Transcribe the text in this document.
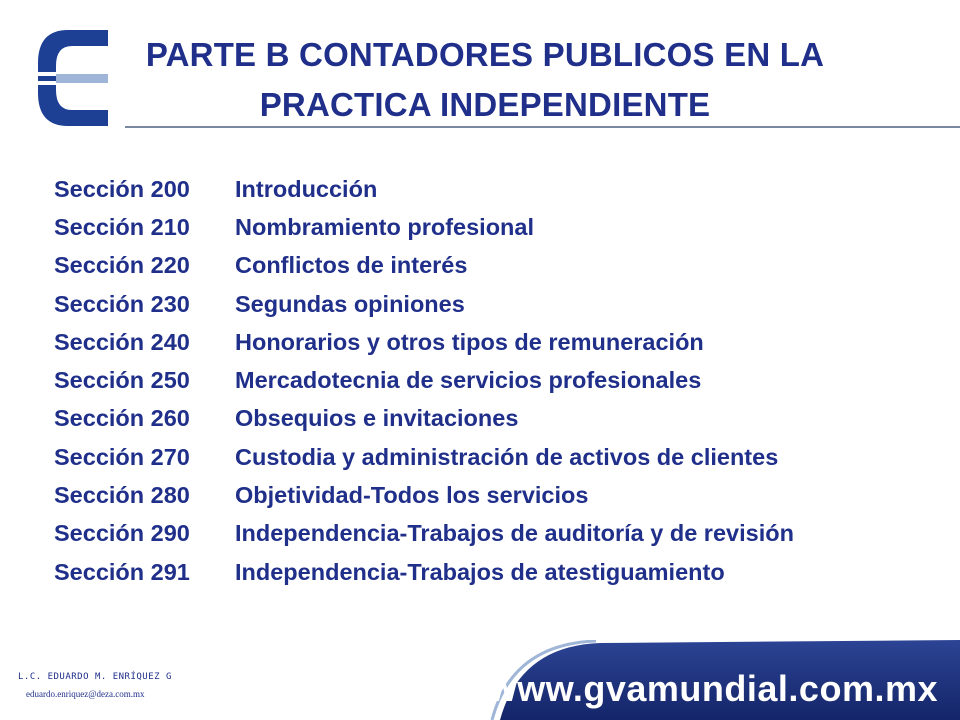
PARTE B CONTADORES PUBLICOS EN LA
PRACTICA INDEPENDIENTE
Sección 200	Introducción
Sección 210	Nombramiento profesional
Sección 220	Conflictos de interés
Sección 230	Segundas opiniones
Sección 240	Honorarios y otros tipos de remuneración
Sección 250	Mercadotecnia de servicios profesionales
Sección 260	Obsequios e invitaciones
Sección 270	Custodia y administración de activos de clientes
Sección 280	Objetividad-Todos los servicios
Sección 290	Independencia-Trabajos de auditoría y de revisión
Sección 291	Independencia-Trabajos de atestiguamiento
L.C. EDUARDO M. ENRÍQUEZ G
eduardo.enriquez@deza.com.mx	www.gvamundial.com.mx
